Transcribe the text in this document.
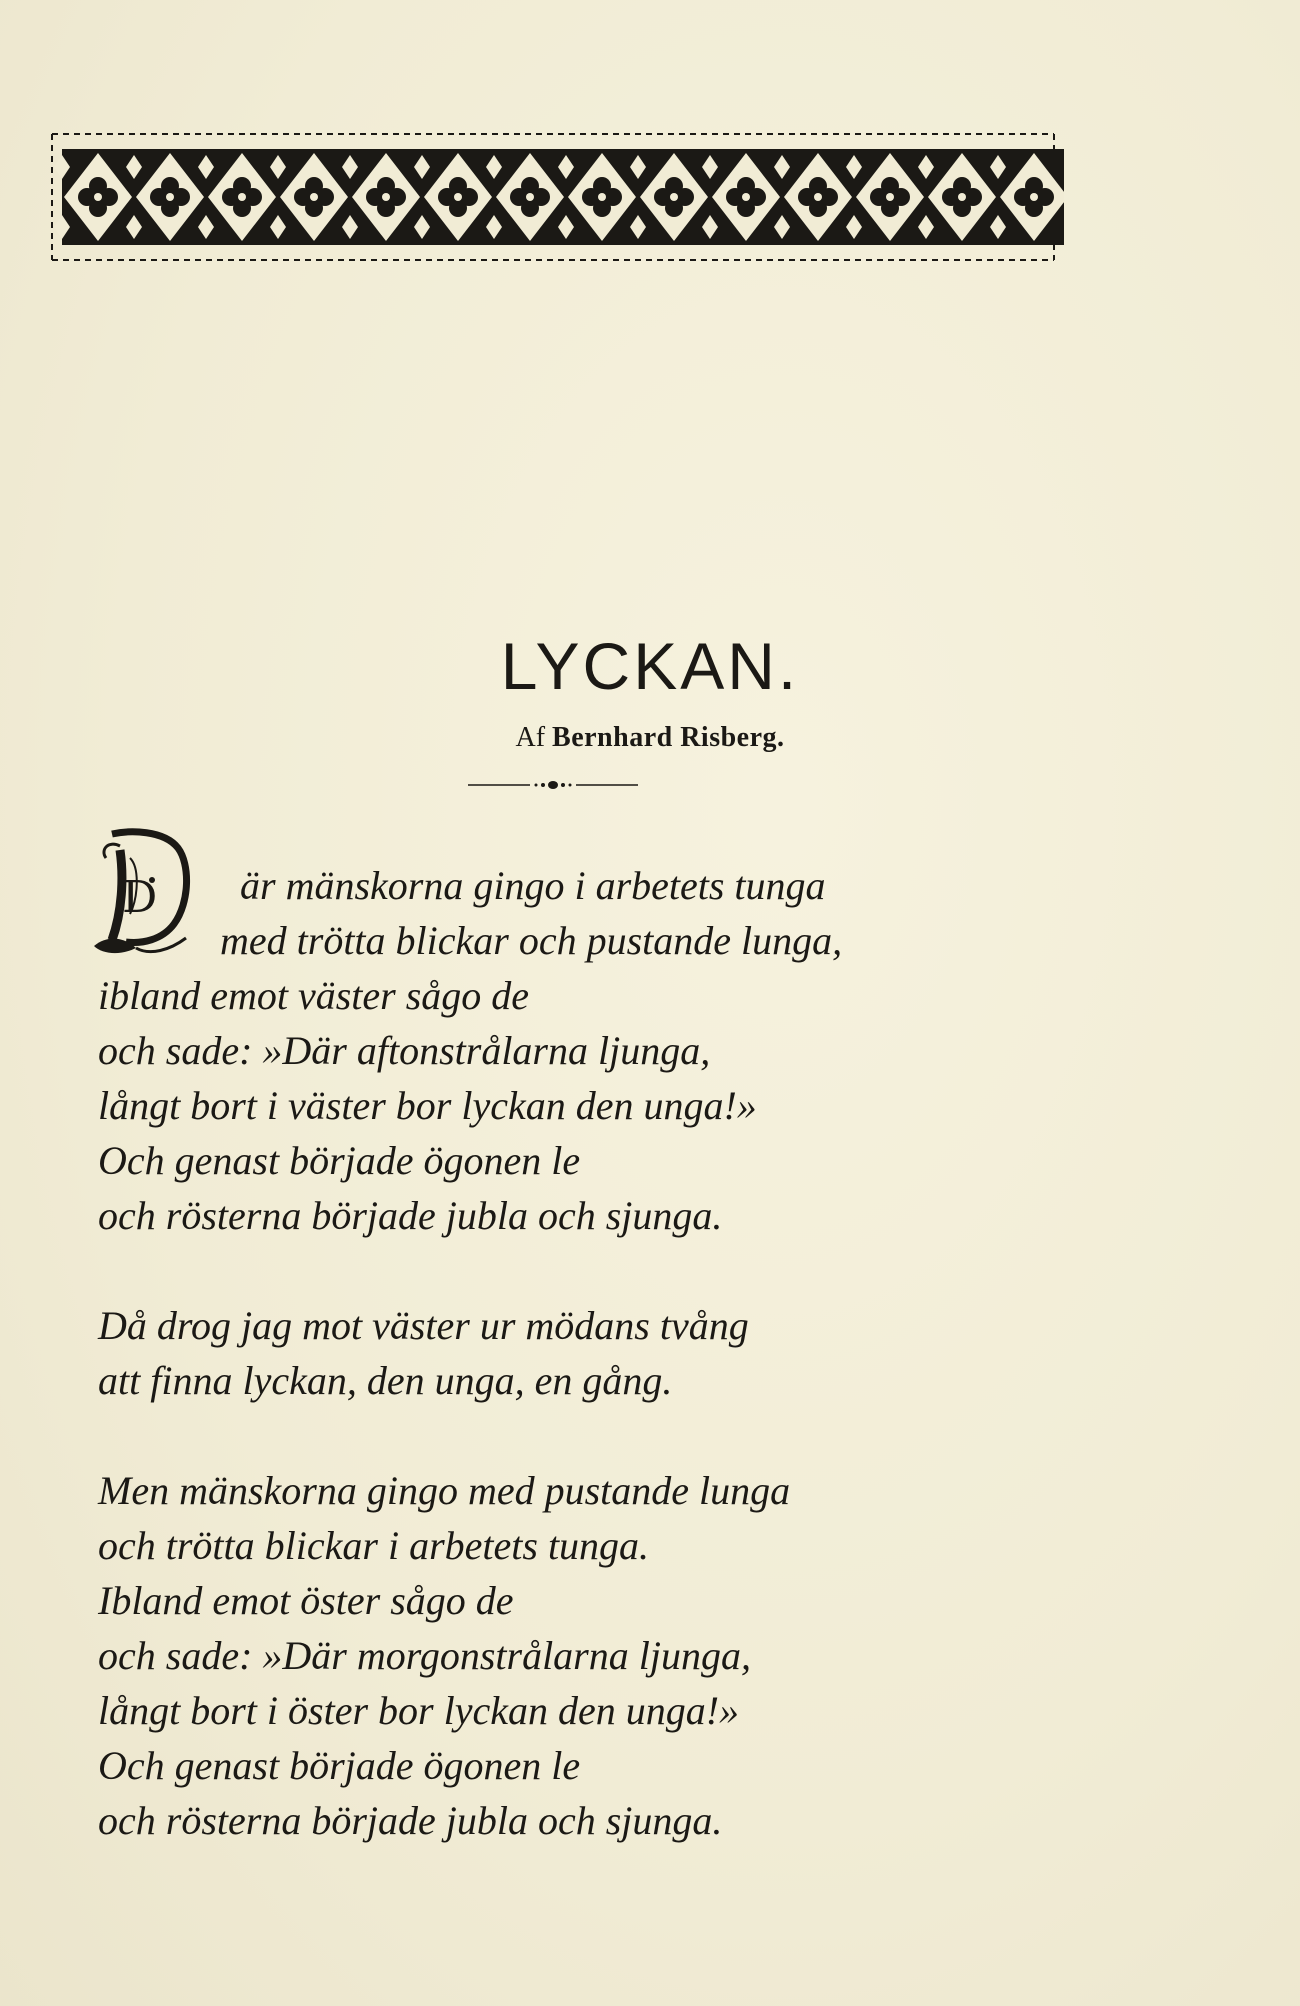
LYCKAN.
Af Bernhard Risberg.
D	är mänskorna gingo i arbetets tunga
med trötta blickar och pustande lunga,
ibland emot väster sågo de
och sade: »Där aftonstrålarna ljunga,
långt bort i väster bor lyckan den unga!»
Och genast började ögonen le
och rösterna började jubla och sjunga.
Då drog jag mot väster ur mödans tvång
att finna lyckan, den unga, en gång.
Men mänskorna gingo med pustande lunga
och trötta blickar i arbetets tunga.
Ibland emot öster sågo de
och sade: »Där morgonstrålarna ljunga,
långt bort i öster bor lyckan den unga!»
Och genast började ögonen le
och rösterna började jubla och sjunga.
